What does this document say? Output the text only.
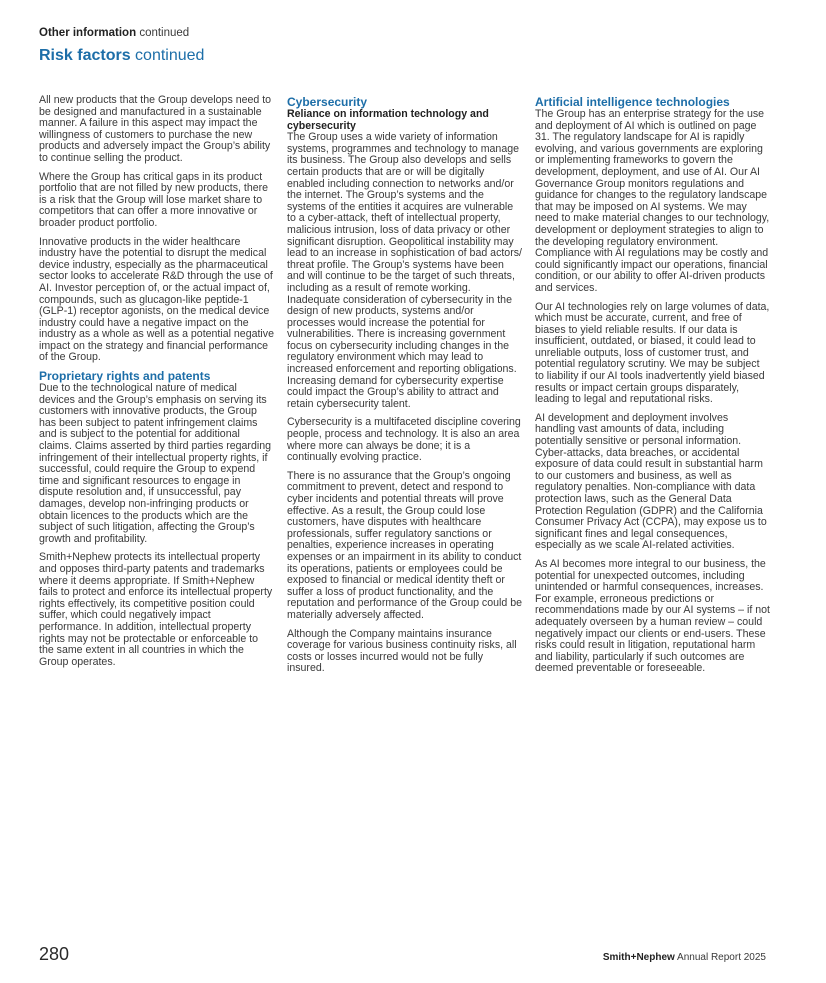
Other information continued

Risk factors continued

All new products that the Group develops need to be designed and manufactured in a sustainable manner. A failure in this aspect may impact the willingness of customers to purchase the new products and adversely impact the Group’s ability to continue selling the product.

Where the Group has critical gaps in its product portfolio that are not filled by new products, there is a risk that the Group will lose market share to competitors that can offer a more innovative or broader product portfolio.

Innovative products in the wider healthcare industry have the potential to disrupt the medical device industry, especially as the pharmaceutical sector looks to accelerate R&D through the use of AI. Investor perception of, or the actual impact of, compounds, such as glucagon-like peptide-1 (GLP-1) receptor agonists, on the medical device industry could have a negative impact on the industry as a whole as well as a potential negative impact on the strategy and financial performance of the Group.

Proprietary rights and patents

Due to the technological nature of medical devices and the Group’s emphasis on serving its customers with innovative products, the Group has been subject to patent infringement claims and is subject to the potential for additional claims. Claims asserted by third parties regarding infringement of their intellectual property rights, if successful, could require the Group to expend time and significant resources to engage in dispute resolution and, if unsuccessful, pay damages, develop non-infringing products or obtain licences to the products which are the subject of such litigation, affecting the Group’s growth and profitability.

Smith+Nephew protects its intellectual property and opposes third-party patents and trademarks where it deems appropriate. If Smith+Nephew fails to protect and enforce its intellectual property rights effectively, its competitive position could suffer, which could negatively impact performance. In addition, intellectual property rights may not be protectable or enforceable to the same extent in all countries in which the Group operates.

Cybersecurity
Reliance on information technology and cybersecurity

The Group uses a wide variety of information systems, programmes and technology to manage its business. The Group also develops and sells certain products that are or will be digitally enabled including connection to networks and/or the internet. The Group’s systems and the systems of the entities it acquires are vulnerable to a cyber-attack, theft of intellectual property, malicious intrusion, loss of data privacy or other significant disruption. Geopolitical instability may lead to an increase in sophistication of bad actors/ threat profile. The Group’s systems have been and will continue to be the target of such threats, including as a result of remote working. Inadequate consideration of cybersecurity in the design of new products, systems and/or processes would increase the potential for vulnerabilities. There is increasing government focus on cybersecurity including changes in the regulatory environment which may lead to increased enforcement and reporting obligations. Increasing demand for cybersecurity expertise could impact the Group’s ability to attract and retain cybersecurity talent.

Cybersecurity is a multifaceted discipline covering people, process and technology. It is also an area where more can always be done; it is a continually evolving practice.

There is no assurance that the Group’s ongoing commitment to prevent, detect and respond to cyber incidents and potential threats will prove effective. As a result, the Group could lose customers, have disputes with healthcare professionals, suffer regulatory sanctions or penalties, experience increases in operating expenses or an impairment in its ability to conduct its operations, patients or employees could be exposed to financial or medical identity theft or suffer a loss of product functionality, and the reputation and performance of the Group could be materially adversely affected.

Although the Company maintains insurance coverage for various business continuity risks, all costs or losses incurred would not be fully insured.

Artificial intelligence technologies

The Group has an enterprise strategy for the use and deployment of AI which is outlined on page 31. The regulatory landscape for AI is rapidly evolving, and various governments are exploring or implementing frameworks to govern the development, deployment, and use of AI. Our AI Governance Group monitors regulations and guidance for changes to the regulatory landscape that may be imposed on AI systems. We may need to make material changes to our technology, development or deployment strategies to align to the developing regulatory environment. Compliance with AI regulations may be costly and could significantly impact our operations, financial condition, or our ability to offer AI-driven products and services.

Our AI technologies rely on large volumes of data, which must be accurate, current, and free of biases to yield reliable results. If our data is insufficient, outdated, or biased, it could lead to unreliable outputs, loss of customer trust, and potential regulatory scrutiny. We may be subject to liability if our AI tools inadvertently yield biased results or impact certain groups disparately, leading to legal and reputational risks.

AI development and deployment involves handling vast amounts of data, including potentially sensitive or personal information. Cyber-attacks, data breaches, or accidental exposure of data could result in substantial harm to our customers and business, as well as regulatory penalties. Non-compliance with data protection laws, such as the General Data Protection Regulation (GDPR) and the California Consumer Privacy Act (CCPA), may expose us to significant fines and legal consequences, especially as we scale AI-related activities.

As AI becomes more integral to our business, the potential for unexpected outcomes, including unintended or harmful consequences, increases. For example, erroneous predictions or recommendations made by our AI systems – if not adequately overseen by a human review – could negatively impact our clients or end-users. These risks could result in litigation, reputational harm and liability, particularly if such outcomes are deemed preventable or foreseeable.

280	Smith+Nephew Annual Report 2025
